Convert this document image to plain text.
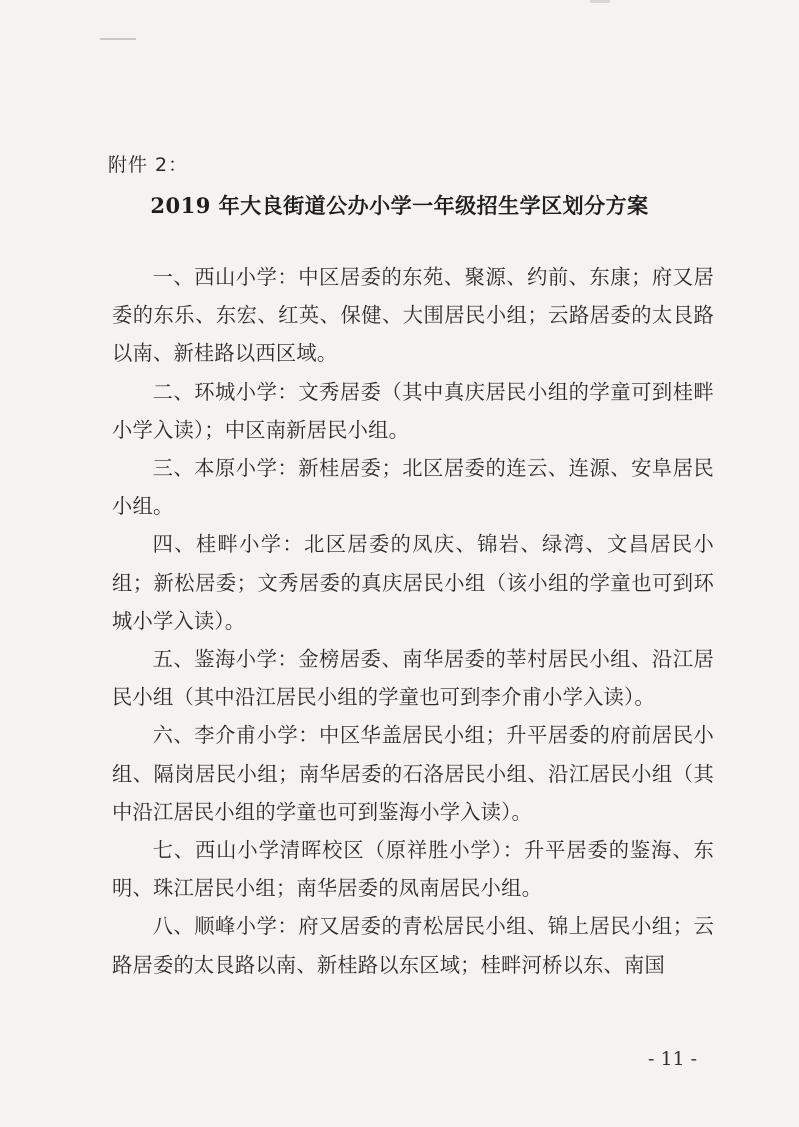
附件 2：
2019 年大良街道公办小学一年级招生学区划分方案

一、西山小学：中区居委的东苑、聚源、约前、东康；府又居委的东乐、东宏、红英、保健、大围居民小组；云路居委的太艮路以南、新桂路以西区域。

二、环城小学：文秀居委（其中真庆居民小组的学童可到桂畔小学入读）；中区南新居民小组。

三、本原小学：新桂居委；北区居委的连云、连源、安阜居民小组。

四、桂畔小学：北区居委的凤庆、锦岩、绿湾、文昌居民小组；新松居委；文秀居委的真庆居民小组（该小组的学童也可到环城小学入读）。

五、鉴海小学：金榜居委、南华居委的莘村居民小组、沿江居民小组（其中沿江居民小组的学童也可到李介甫小学入读）。

六、李介甫小学：中区华盖居民小组；升平居委的府前居民小组、隔岗居民小组；南华居委的石洛居民小组、沿江居民小组（其中沿江居民小组的学童也可到鉴海小学入读）。

七、西山小学清晖校区（原祥胜小学）：升平居委的鉴海、东明、珠江居民小组；南华居委的凤南居民小组。

八、顺峰小学：府又居委的青松居民小组、锦上居民小组；云路居委的太艮路以南、新桂路以东区域；桂畔河桥以东、南国

- 11 -
